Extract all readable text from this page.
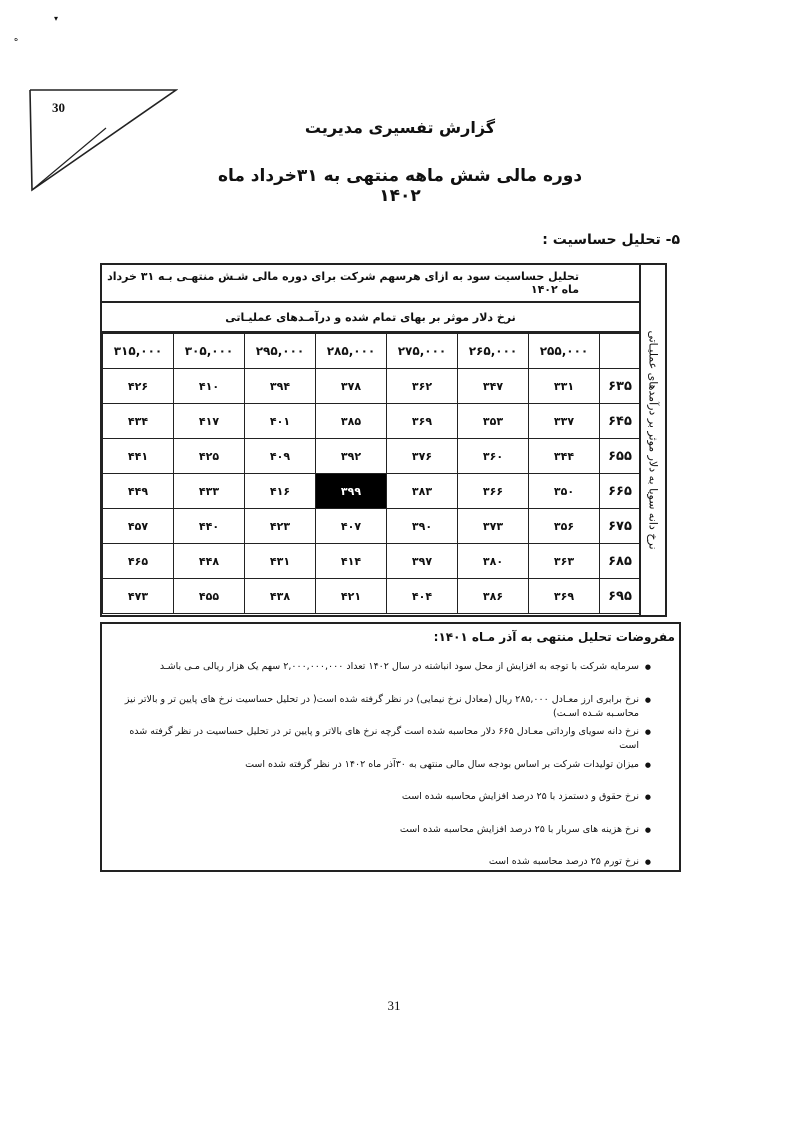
30
▾
ه
گزارش تفسیری مدیریت
دوره مالی شش ماهه منتهی به ۳۱خرداد ماه ۱۴۰۲
۵- تحلیل حساسیت :
نرخ دانه سویا به دلار موثر بر درآمدهای عملیـاتی
تحلیل حساسیت سود به ازای هرسهم شرکت برای دوره مالی شـش منتهـی بـه ۳۱ خرداد ماه ۱۴۰۲
نرخ دلار موثر بر بهای تمام شده و درآمـدهای عملیـاتی
	۲۵۵,۰۰۰	۲۶۵,۰۰۰	۲۷۵,۰۰۰	۲۸۵,۰۰۰	۲۹۵,۰۰۰	۳۰۵,۰۰۰	۳۱۵,۰۰۰
۶۳۵	۳۳۱	۳۴۷	۳۶۲	۳۷۸	۳۹۴	۴۱۰	۴۲۶
۶۴۵	۳۳۷	۳۵۳	۳۶۹	۳۸۵	۴۰۱	۴۱۷	۴۳۴
۶۵۵	۳۴۴	۳۶۰	۳۷۶	۳۹۲	۴۰۹	۴۲۵	۴۴۱
۶۶۵	۳۵۰	۳۶۶	۳۸۳	۳۹۹	۴۱۶	۴۳۳	۴۴۹
۶۷۵	۳۵۶	۳۷۳	۳۹۰	۴۰۷	۴۲۳	۴۴۰	۴۵۷
۶۸۵	۳۶۳	۳۸۰	۳۹۷	۴۱۴	۴۳۱	۴۴۸	۴۶۵
۶۹۵	۳۶۹	۳۸۶	۴۰۴	۴۲۱	۴۳۸	۴۵۵	۴۷۳
مفروضات تحلیل منتهی به آذر مـاه ۱۴۰۱:
● سرمایه شرکت با توجه به افزایش از محل سود انباشته در سال ۱۴۰۲ تعداد ۲,۰۰۰,۰۰۰,۰۰۰ سهم یک هزار ریالی مـی باشـد
● نرخ برابری ارز معـادل ۲۸۵,۰۰۰ ریال (معادل نرخ نیمایی) در نظر گرفته شده است( در تحلیل حساسیت نرخ های پایین تر و بالاتر نیز محاسـبه شـده اسـت)
● نرخ دانه سویای وارداتی معـادل ۶۶۵ دلار محاسبه شده است گرچه نرخ های بالاتر و پایین تر در تحلیل حساسیت در نظر گرفته شده است
● میزان تولیدات شرکت بر اساس بودجه سال مالی منتهی به ۳۰آذر ماه ۱۴۰۲ در نظر گرفته شده است
● نرخ حقوق و دستمزد با ۲۵ درصد افزایش محاسبه شده است
● نرخ هزینه های سربار با ۲۵ درصد افزایش محاسبه شده است
● نرخ تورم ۲۵ درصد محاسبه شده است
31
